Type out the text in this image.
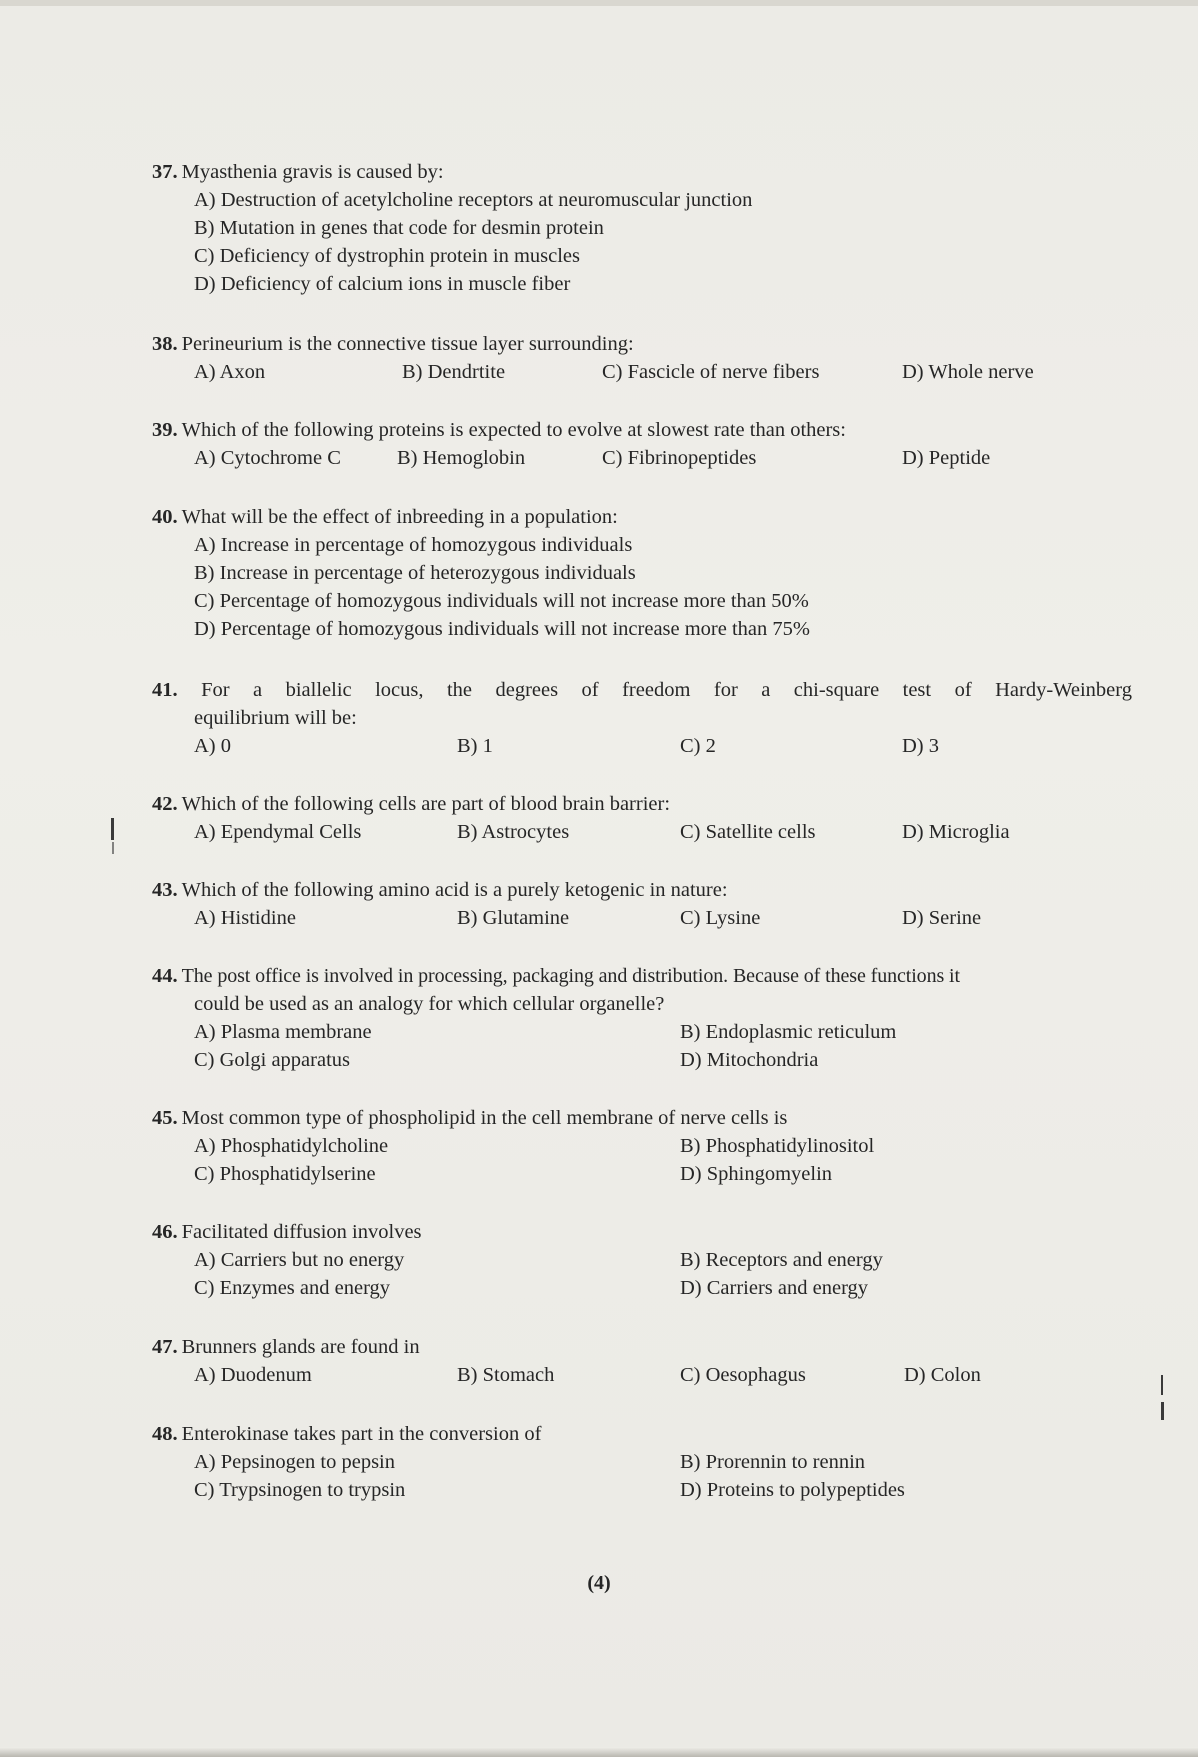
37. Myasthenia gravis is caused by:
A) Destruction of acetylcholine receptors at neuromuscular junction
B) Mutation in genes that code for desmin protein
C) Deficiency of dystrophin protein in muscles
D) Deficiency of calcium ions in muscle fiber
38. Perineurium is the connective tissue layer surrounding:
A) Axon	B) Dendrtite	C) Fascicle of nerve fibers	D) Whole nerve
39. Which of the following proteins is expected to evolve at slowest rate than others:
A) Cytochrome C	B) Hemoglobin	C) Fibrinopeptides	D) Peptide
40. What will be the effect of inbreeding in a population:
A) Increase in percentage of homozygous individuals
B) Increase in percentage of heterozygous individuals
C) Percentage of homozygous individuals will not increase more than 50%
D) Percentage of homozygous individuals will not increase more than 75%
41. For a biallelic locus, the degrees of freedom for a chi-square test of Hardy-Weinberg
equilibrium will be:
A) 0	B) 1	C) 2	D) 3
42. Which of the following cells are part of blood brain barrier:
A) Ependymal Cells	B) Astrocytes	C) Satellite cells	D) Microglia
43. Which of the following amino acid is a purely ketogenic in nature:
A) Histidine	B) Glutamine	C) Lysine	D) Serine
44. The post office is involved in processing, packaging and distribution. Because of these functions it
could be used as an analogy for which cellular organelle?
A) Plasma membrane	B) Endoplasmic reticulum
C) Golgi apparatus	D) Mitochondria
45. Most common type of phospholipid in the cell membrane of nerve cells is
A) Phosphatidylcholine	B) Phosphatidylinositol
C) Phosphatidylserine	D) Sphingomyelin
46. Facilitated diffusion involves
A) Carriers but no energy	B) Receptors and energy
C) Enzymes and energy	D) Carriers and energy
47. Brunners glands are found in
A) Duodenum	B) Stomach	C) Oesophagus	D) Colon
48. Enterokinase takes part in the conversion of
A) Pepsinogen to pepsin	B) Prorennin to rennin
C) Trypsinogen to trypsin	D) Proteins to polypeptides
(4)
